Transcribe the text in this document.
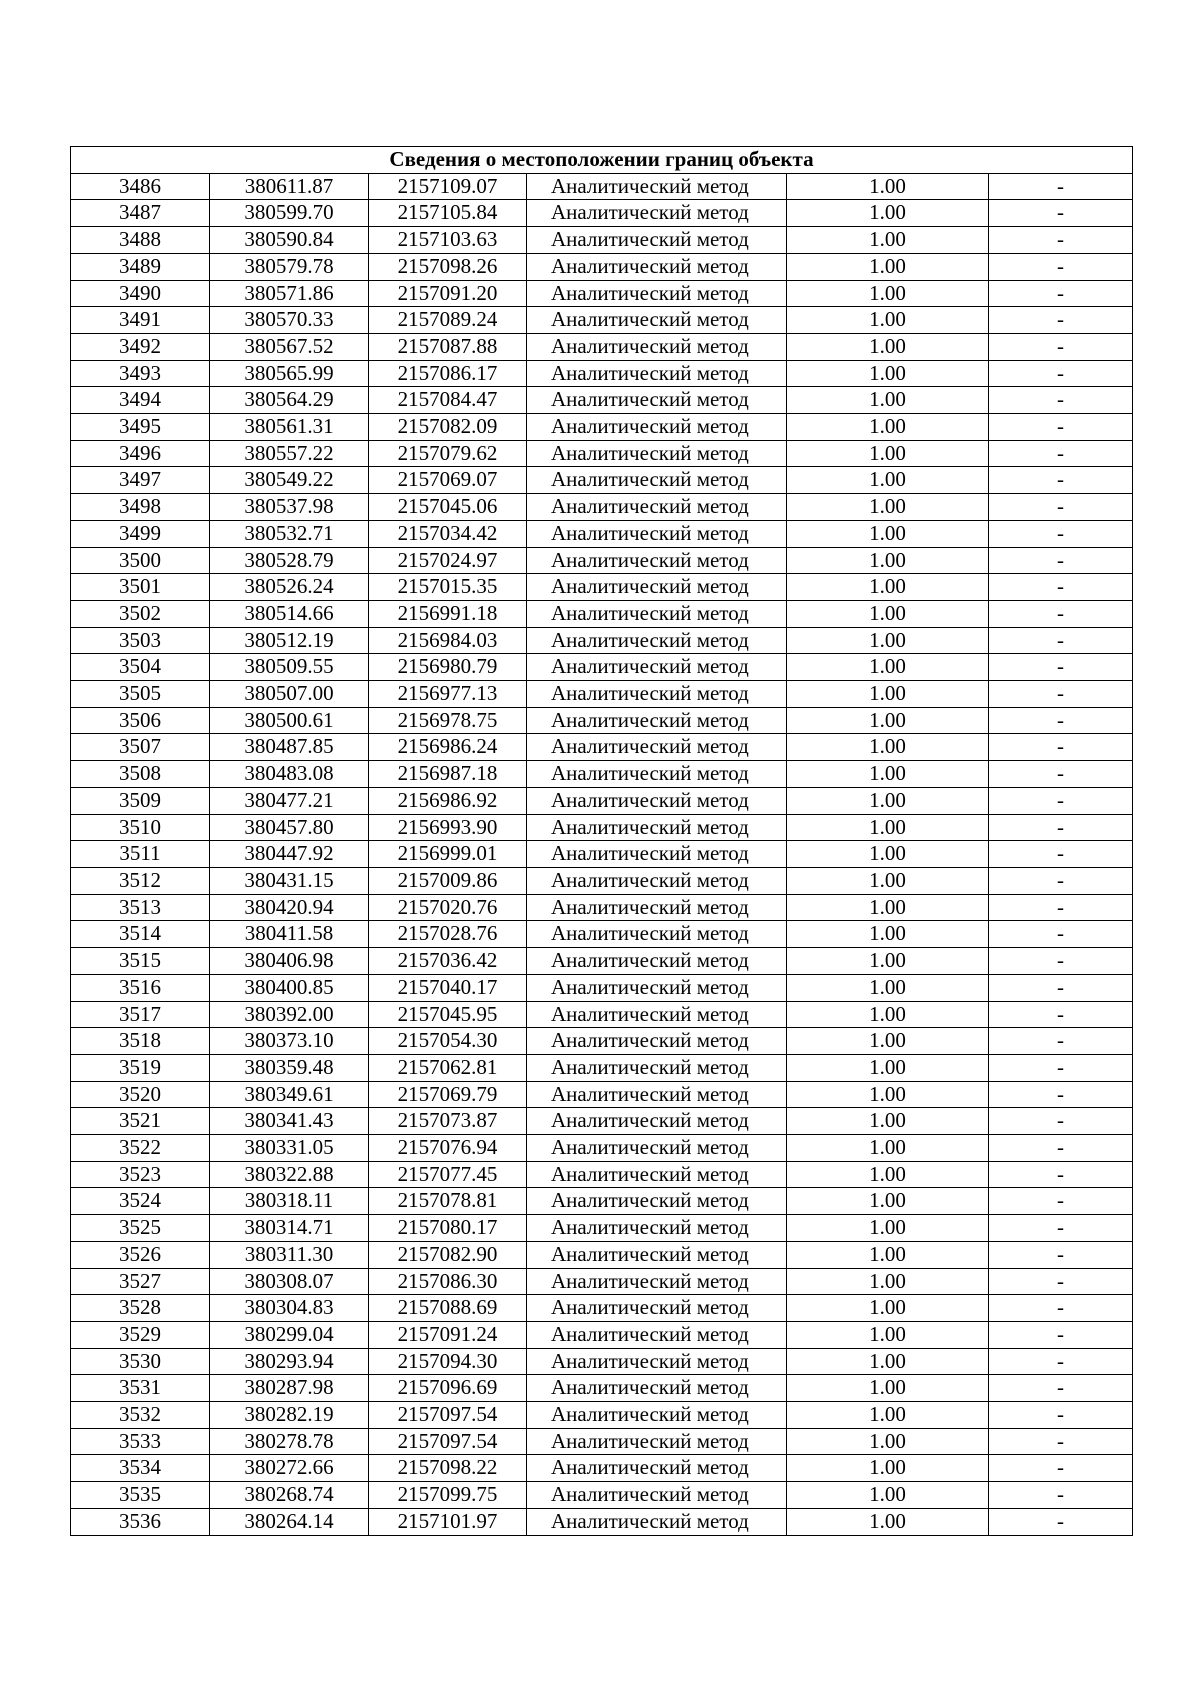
Сведения о местоположении границ объекта					
3486	380611.87	2157109.07	Аналитический метод	1.00	-
3487	380599.70	2157105.84	Аналитический метод	1.00	-
3488	380590.84	2157103.63	Аналитический метод	1.00	-
3489	380579.78	2157098.26	Аналитический метод	1.00	-
3490	380571.86	2157091.20	Аналитический метод	1.00	-
3491	380570.33	2157089.24	Аналитический метод	1.00	-
3492	380567.52	2157087.88	Аналитический метод	1.00	-
3493	380565.99	2157086.17	Аналитический метод	1.00	-
3494	380564.29	2157084.47	Аналитический метод	1.00	-
3495	380561.31	2157082.09	Аналитический метод	1.00	-
3496	380557.22	2157079.62	Аналитический метод	1.00	-
3497	380549.22	2157069.07	Аналитический метод	1.00	-
3498	380537.98	2157045.06	Аналитический метод	1.00	-
3499	380532.71	2157034.42	Аналитический метод	1.00	-
3500	380528.79	2157024.97	Аналитический метод	1.00	-
3501	380526.24	2157015.35	Аналитический метод	1.00	-
3502	380514.66	2156991.18	Аналитический метод	1.00	-
3503	380512.19	2156984.03	Аналитический метод	1.00	-
3504	380509.55	2156980.79	Аналитический метод	1.00	-
3505	380507.00	2156977.13	Аналитический метод	1.00	-
3506	380500.61	2156978.75	Аналитический метод	1.00	-
3507	380487.85	2156986.24	Аналитический метод	1.00	-
3508	380483.08	2156987.18	Аналитический метод	1.00	-
3509	380477.21	2156986.92	Аналитический метод	1.00	-
3510	380457.80	2156993.90	Аналитический метод	1.00	-
3511	380447.92	2156999.01	Аналитический метод	1.00	-
3512	380431.15	2157009.86	Аналитический метод	1.00	-
3513	380420.94	2157020.76	Аналитический метод	1.00	-
3514	380411.58	2157028.76	Аналитический метод	1.00	-
3515	380406.98	2157036.42	Аналитический метод	1.00	-
3516	380400.85	2157040.17	Аналитический метод	1.00	-
3517	380392.00	2157045.95	Аналитический метод	1.00	-
3518	380373.10	2157054.30	Аналитический метод	1.00	-
3519	380359.48	2157062.81	Аналитический метод	1.00	-
3520	380349.61	2157069.79	Аналитический метод	1.00	-
3521	380341.43	2157073.87	Аналитический метод	1.00	-
3522	380331.05	2157076.94	Аналитический метод	1.00	-
3523	380322.88	2157077.45	Аналитический метод	1.00	-
3524	380318.11	2157078.81	Аналитический метод	1.00	-
3525	380314.71	2157080.17	Аналитический метод	1.00	-
3526	380311.30	2157082.90	Аналитический метод	1.00	-
3527	380308.07	2157086.30	Аналитический метод	1.00	-
3528	380304.83	2157088.69	Аналитический метод	1.00	-
3529	380299.04	2157091.24	Аналитический метод	1.00	-
3530	380293.94	2157094.30	Аналитический метод	1.00	-
3531	380287.98	2157096.69	Аналитический метод	1.00	-
3532	380282.19	2157097.54	Аналитический метод	1.00	-
3533	380278.78	2157097.54	Аналитический метод	1.00	-
3534	380272.66	2157098.22	Аналитический метод	1.00	-
3535	380268.74	2157099.75	Аналитический метод	1.00	-
3536	380264.14	2157101.97	Аналитический метод	1.00	-
